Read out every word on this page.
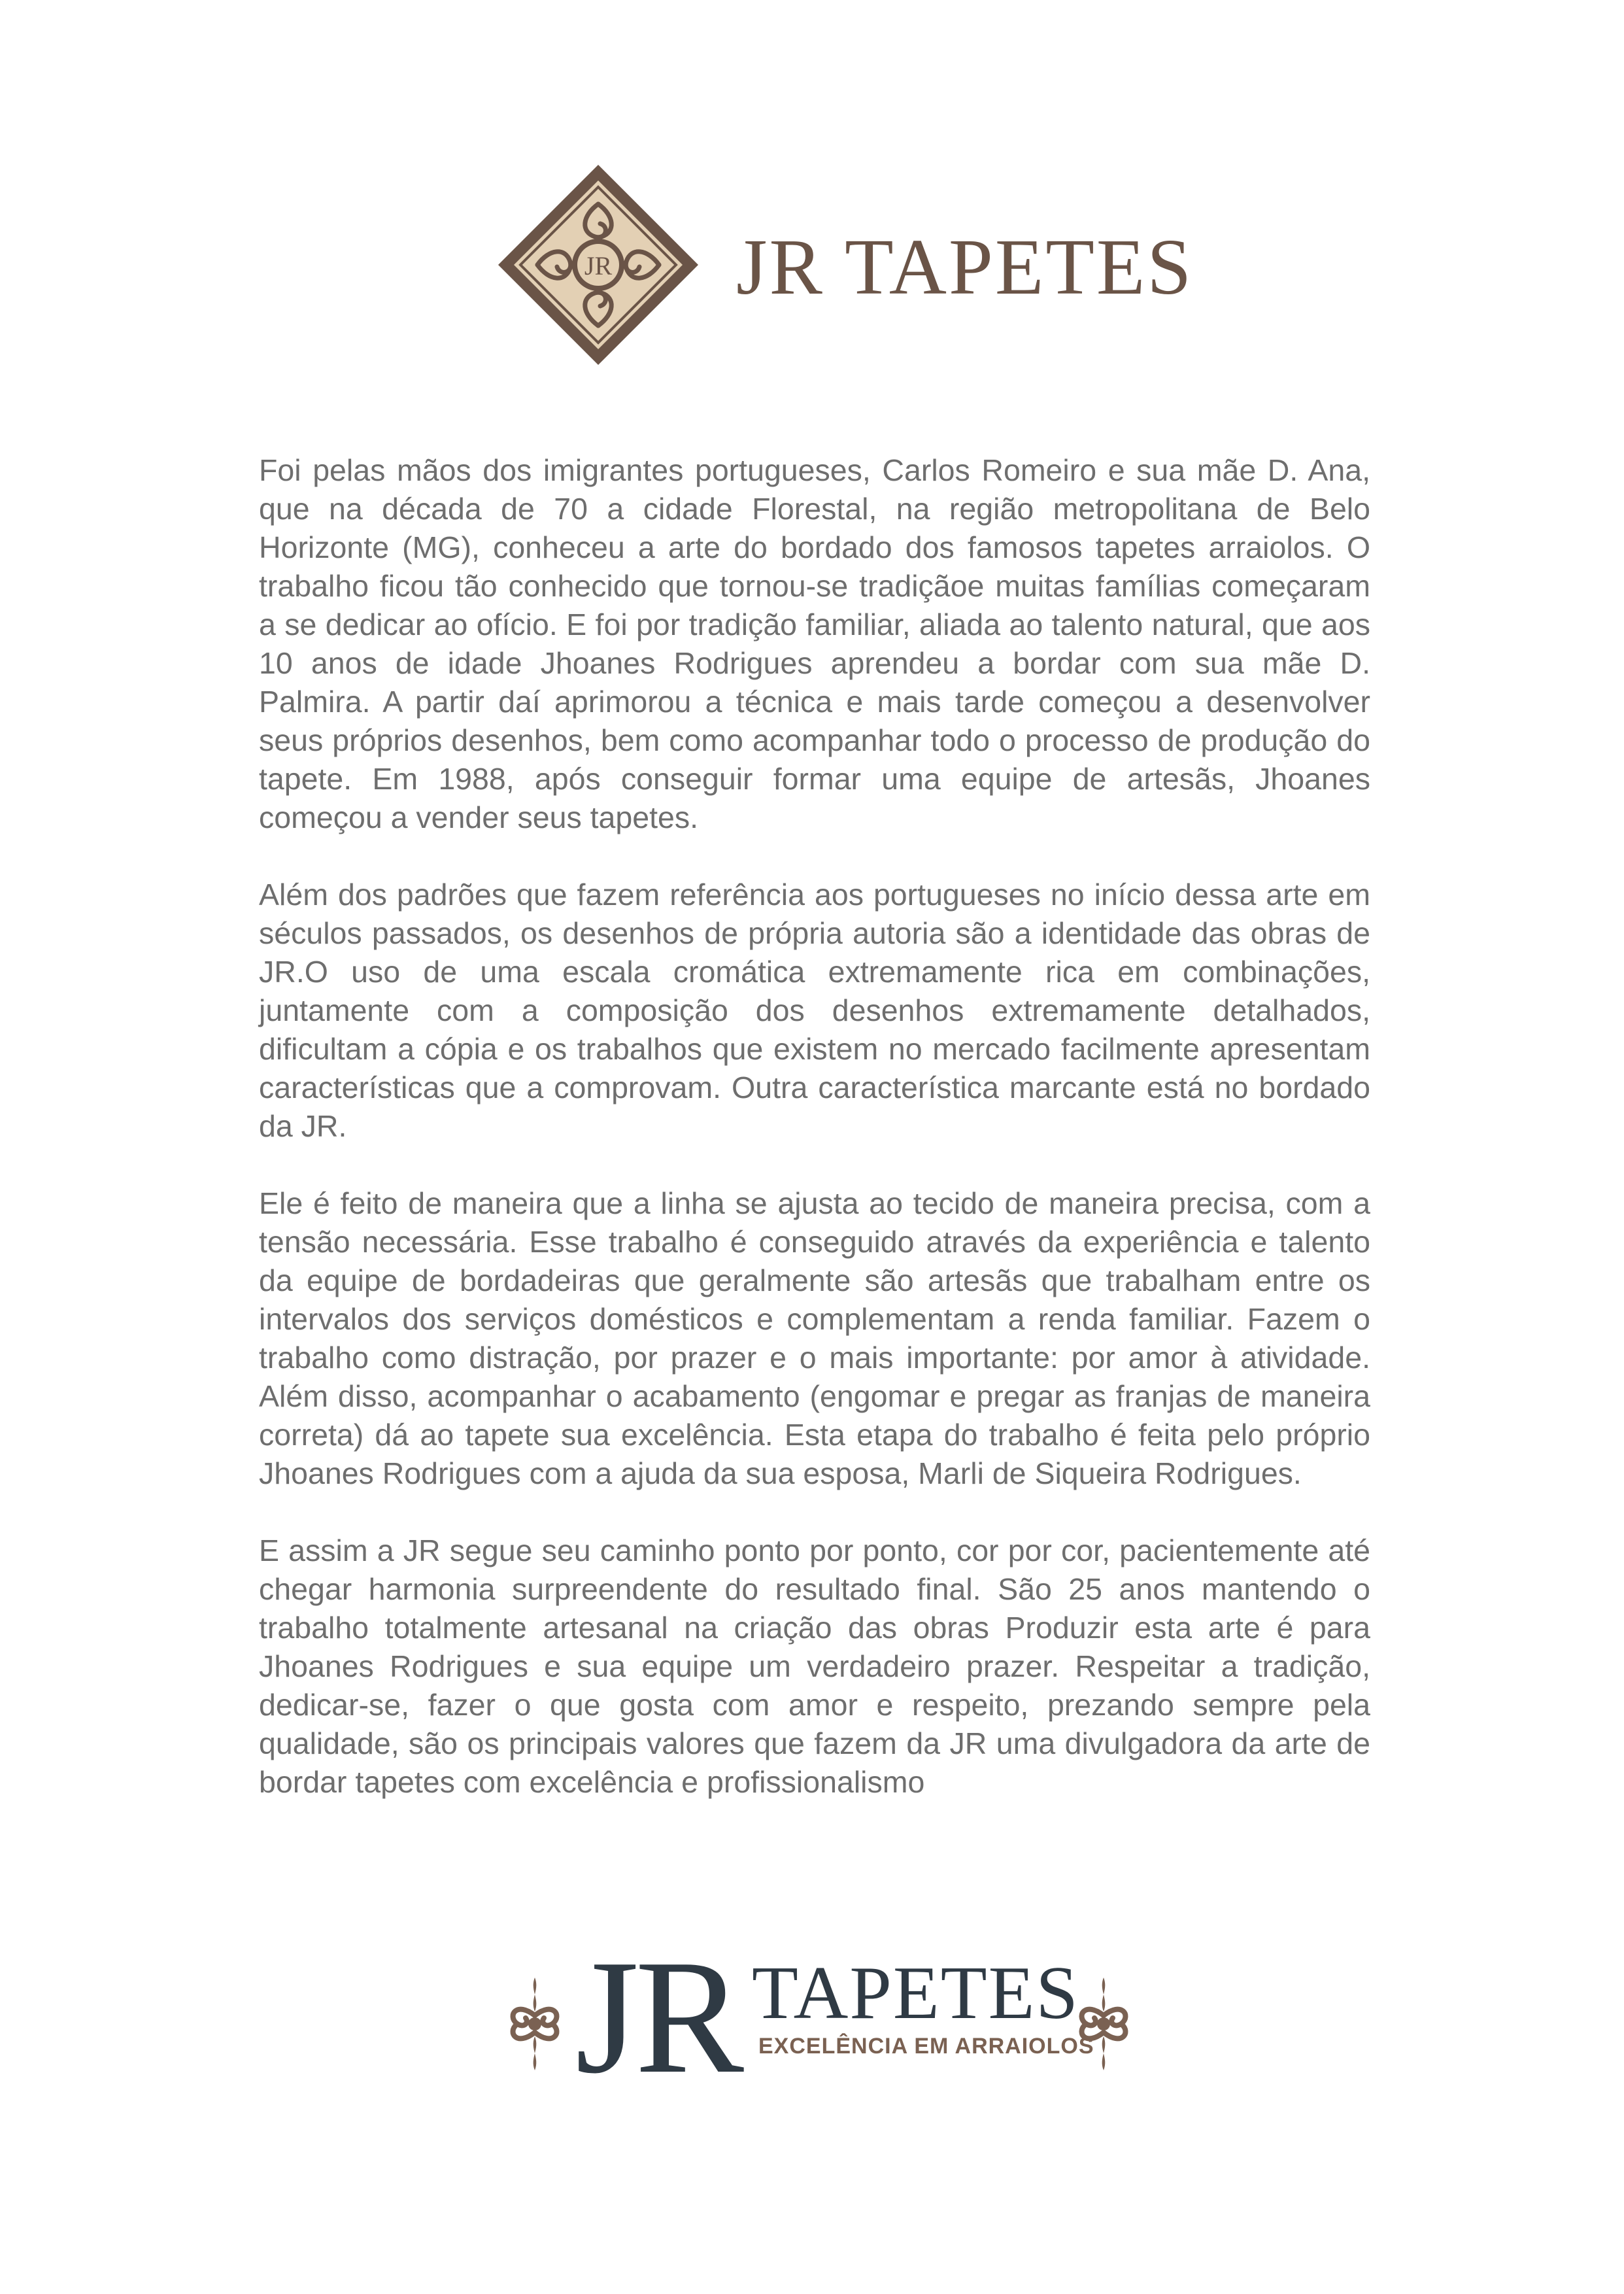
JR JR TAPETES

Foi pelas mãos dos imigrantes portugueses, Carlos Romeiro e sua mãe D. Ana, que na década de 70 a cidade Florestal, na região metropolitana de Belo Horizonte (MG), conheceu a arte do bordado dos famosos tapetes arraiolos. O trabalho ficou tão conhecido que tornou-se tradiçãoe muitas famílias começaram a se dedicar ao ofício. E foi por tradição familiar, aliada ao talento natural, que aos 10 anos de idade Jhoanes Rodrigues aprendeu a bordar com sua mãe D. Palmira. A partir daí aprimorou a técnica e mais tarde começou a desenvolver seus próprios desenhos, bem como acompanhar todo o processo de produção do tapete. Em 1988, após conseguir formar uma equipe de artesãs, Jhoanes começou a vender seus tapetes.

Além dos padrões que fazem referência aos portugueses no início dessa arte em séculos passados, os desenhos de própria autoria são a identidade das obras de JR.O uso de uma escala cromática extremamente rica em combinações, juntamente com a composição dos desenhos extremamente detalhados, dificultam a cópia e os trabalhos que existem no mercado facilmente apresentam características que a comprovam. Outra característica marcante está no bordado da JR.

Ele é feito de maneira que a linha se ajusta ao tecido de maneira precisa, com a tensão necessária. Esse trabalho é conseguido através da experiência e talento da equipe de bordadeiras que geralmente são artesãs que trabalham entre os intervalos dos serviços domésticos e complementam a renda familiar. Fazem o trabalho como distração, por prazer e o mais importante: por amor à atividade. Além disso, acompanhar o acabamento (engomar e pregar as franjas de maneira correta) dá ao tapete sua excelência. Esta etapa do trabalho é feita pelo próprio Jhoanes Rodrigues com a ajuda da sua esposa, Marli de Siqueira Rodrigues.

E assim a JR segue seu caminho ponto por ponto, cor por cor, pacientemente até chegar harmonia surpreendente do resultado final. São 25 anos mantendo o trabalho totalmente artesanal na criação das obras Produzir esta arte é para Jhoanes Rodrigues e sua equipe um verdadeiro prazer. Respeitar a tradição, dedicar-se, fazer o que gosta com amor e respeito, prezando sempre pela qualidade, são os principais valores que fazem da JR uma divulgadora da arte de bordar tapetes com excelência e profissionalismo

JR TAPETES
EXCELÊNCIA EM ARRAIOLOS
